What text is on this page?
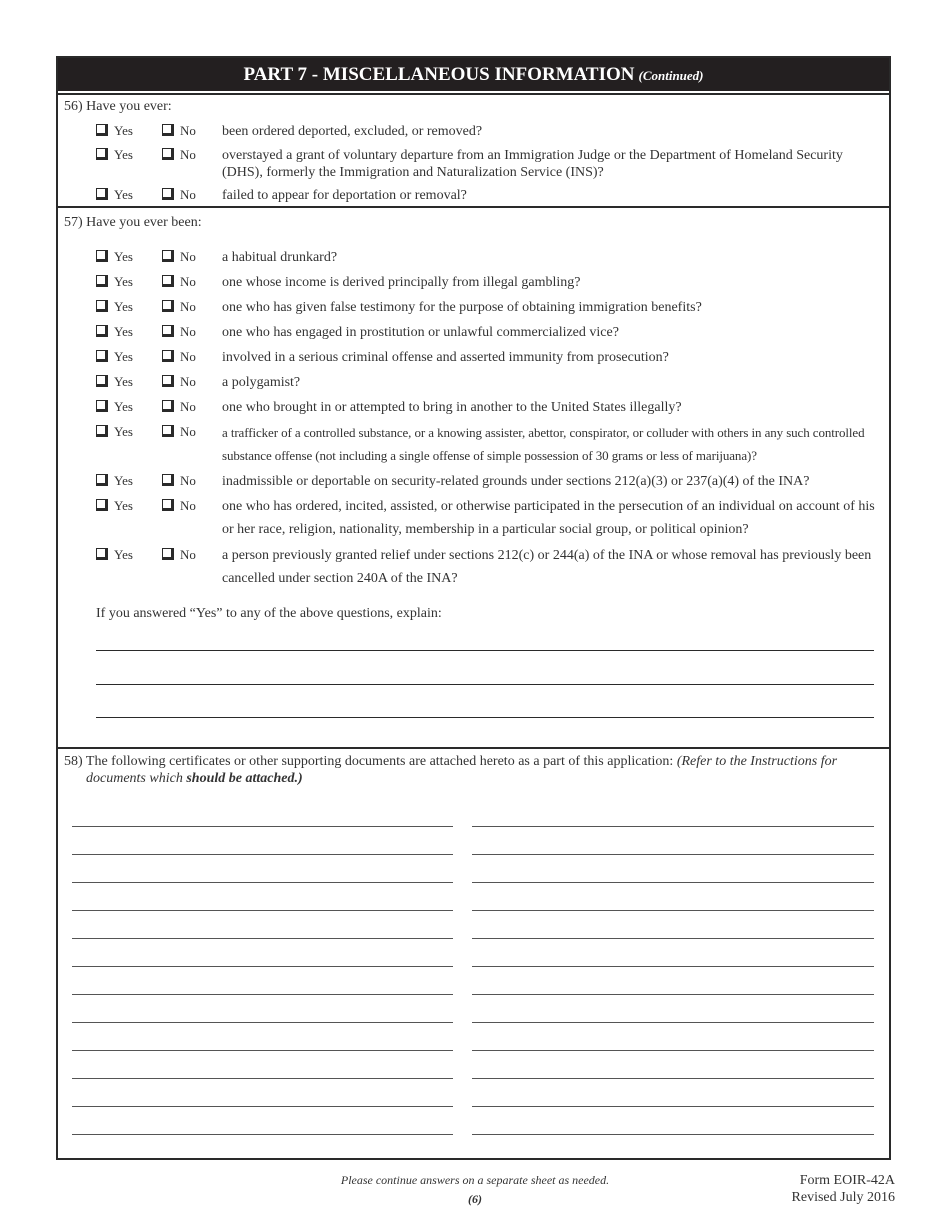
PART 7 - MISCELLANEOUS INFORMATION (Continued)
56) Have you ever:
Yes	No been ordered deported, excluded, or removed?
Yes	No overstayed a grant of voluntary departure from an Immigration Judge or the Department of Homeland Security
(DHS), formerly the Immigration and Naturalization Service (INS)?
Yes	No failed to appear for deportation or removal?
57) Have you ever been:
Yes	No a habitual drunkard?
Yes	No one whose income is derived principally from illegal gambling?
Yes	No one who has given false testimony for the purpose of obtaining immigration benefits?
Yes	No one who has engaged in prostitution or unlawful commercialized vice?
Yes	No involved in a serious criminal offense and asserted immunity from prosecution?
Yes	No a polygamist?
Yes	No one who brought in or attempted to bring in another to the United States illegally?
Yes	No a trafficker of a controlled substance, or a knowing assister, abettor, conspirator, or colluder with others in any such controlled
substance offense (not including a single offense of simple possession of 30 grams or less of marijuana)?
Yes	No inadmissible or deportable on security-related grounds under sections 212(a)(3) or 237(a)(4) of the INA?
Yes	No one who has ordered, incited, assisted, or otherwise participated in the persecution of an individual on account of his
or her race, religion, nationality, membership in a particular social group, or political opinion?
Yes	No a person previously granted relief under sections 212(c) or 244(a) of the INA or whose removal has previously been
cancelled under section 240A of the INA?
If you answered “Yes” to any of the above questions, explain:
58) The following certificates or other supporting documents are attached hereto as a part of this application: (Refer to the Instructions for
documents which should be attached.)
Please continue answers on a separate sheet as needed.
(6)
Form EOIR-42A
Revised July 2016
